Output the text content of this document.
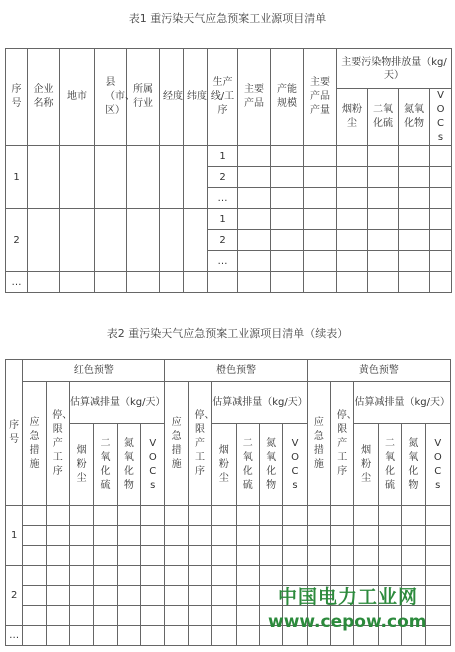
表1 重污染天气应急预案工业源项目清单
序号	企业名称	地市	县（市、区）	所属行业	经度	纬度	生产线/工序	主要产品	产能规模	主要产品产量	主要污染物排放量（kg/天）			
											烟粉尘	二氧化硫	氮氧化物	VOCs
1							1							
							2							
							…							
2							1							
							2							
							…							
…														
表2 重污染天气应急预案工业源项目清单（续表）
序号	红色预警						橙色预警						黄色预警					
	应急措施	停、限产工序	估算减排量（kg/天）				应急措施	停、限产工序	估算减排量（kg/天）				应急措施	停、限产工序	估算减排量（kg/天）			
			烟粉尘	二氧化硫	氮氧化物	VOCs			烟粉尘	二氧化硫	氮氧化物	VOCs			烟粉尘	二氧化硫	氮氧化物	VOCs
1																		

2																		

…																		
中国电力工业网
www.cepow.com
